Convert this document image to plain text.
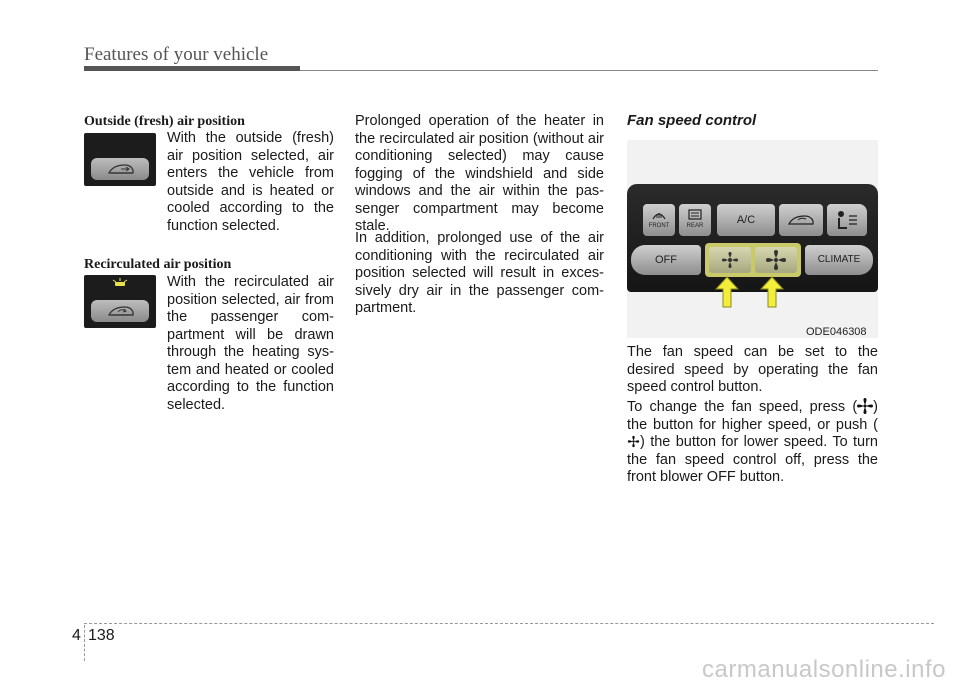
Features of your vehicle
Outside (fresh) air position
With the outside (fresh) air position selected, air enters the vehicle from outside and is heated or cooled according to the function selected.
Recirculated air position
With the recirculated air position selected, air from the passenger com-partment will be drawn through the heating sys-tem and heated or cooled according to the function selected.
Prolonged operation of the heater in the recirculated air position (without air conditioning selected) may cause fogging of the windshield and side windows and the air within the pas-senger compartment may become stale.
In addition, prolonged use of the air conditioning with the recirculated air position selected will result in exces-sively dry air in the passenger com-partment.
Fan speed control
FRONT	REAR	A/C
OFF	CLIMATE
ODE046308
The fan speed can be set to the desired speed by operating the fan speed control button.
To change the fan speed, press ( ) the button for higher speed, or push () the button for lower speed. To turn the fan speed control off, press the front blower OFF button.
4 138
carmanualsonline.info
